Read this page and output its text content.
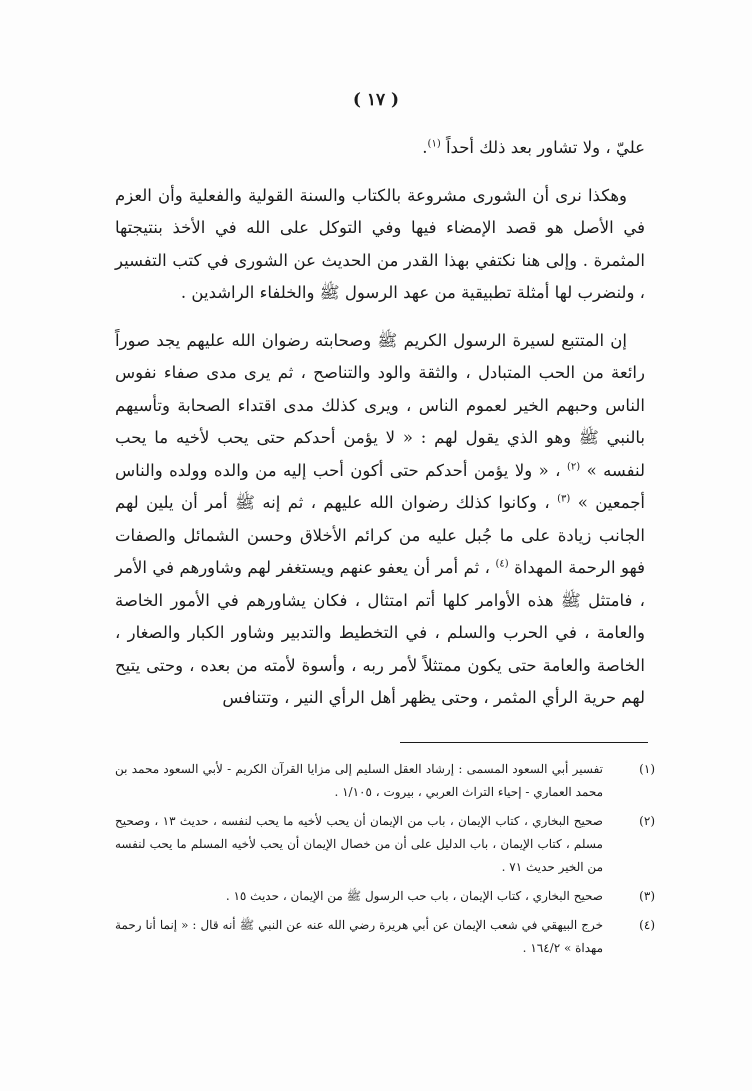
( ١٧ )

عليّ ، ولا تشاور بعد ذلك أحداً $^{(١)}$.

وهكذا نرى أن الشورى مشروعة بالكتاب والسنة القولية والفعلية وأن العزم في الأصل هو قصد الإمضاء فيها وفي التوكل على الله في الأخذ بنتيجتها المثمرة . وإلى هنا نكتفي بهذا القدر من الحديث عن الشورى في كتب التفسير ، ولنضرب لها أمثلة تطبيقية من عهد الرسول ﷺ والخلفاء الراشدين .

إن المتتبع لسيرة الرسول الكريم ﷺ وصحابته رضوان الله عليهم يجد صوراً رائعة من الحب المتبادل ، والثقة والود والتناصح ، ثم يرى مدى صفاء نفوس الناس وحبهم الخير لعموم الناس ، ويرى كذلك مدى اقتداء الصحابة وتأسيهم بالنبي ﷺ وهو الذي يقول لهم : « لا يؤمن أحدكم حتى يحب لأخيه ما يحب لنفسه » $^{(٢)}$ ، « ولا يؤمن أحدكم حتى أكون أحب إليه من والده وولده والناس أجمعين » $^{(٣)}$ ، وكانوا كذلك رضوان الله عليهم ، ثم إنه ﷺ أمر أن يلين لهم الجانب زيادة على ما جُبل عليه من كرائم الأخلاق وحسن الشمائل والصفات فهو الرحمة المهداة $^{(٤)}$ ، ثم أمر أن يعفو عنهم ويستغفر لهم وشاورهم في الأمر ، فامتثل ﷺ هذه الأوامر كلها أتم امتثال ، فكان يشاورهم في الأمور الخاصة والعامة ، في الحرب والسلم ، في التخطيط والتدبير وشاور الكبار والصغار ، الخاصة والعامة حتى يكون ممتثلاً لأمر ربه ، وأسوة لأمته من بعده ، وحتى يتيح لهم حرية الرأي المثمر ، وحتى يظهر أهل الرأي النير ، وتتنافس

(١)
تفسير أبي السعود المسمى : إرشاد العقل السليم إلى مزايا القرآن الكريم - لأبي السعود محمد بن محمد العماري - إحياء التراث العربي ، بيروت ، ١/١٠٥ .
(٢)
صحيح البخاري ، كتاب الإيمان ، باب من الإيمان أن يحب لأخيه ما يحب لنفسه ، حديث ١٣ ، وصحيح مسلم ، كتاب الإيمان ، باب الدليل على أن من خصال الإيمان أن يحب لأخيه المسلم ما يحب لنفسه من الخير حديث ٧١ .
(٣)
صحيح البخاري ، كتاب الإيمان ، باب حب الرسول ﷺ من الإيمان ، حديث ١٥ .
(٤)
خرج البيهقي في شعب الإيمان عن أبي هريرة رضي الله عنه عن النبي ﷺ أنه قال : « إنما أنا رحمة مهداة » ١٦٤/٢ .
